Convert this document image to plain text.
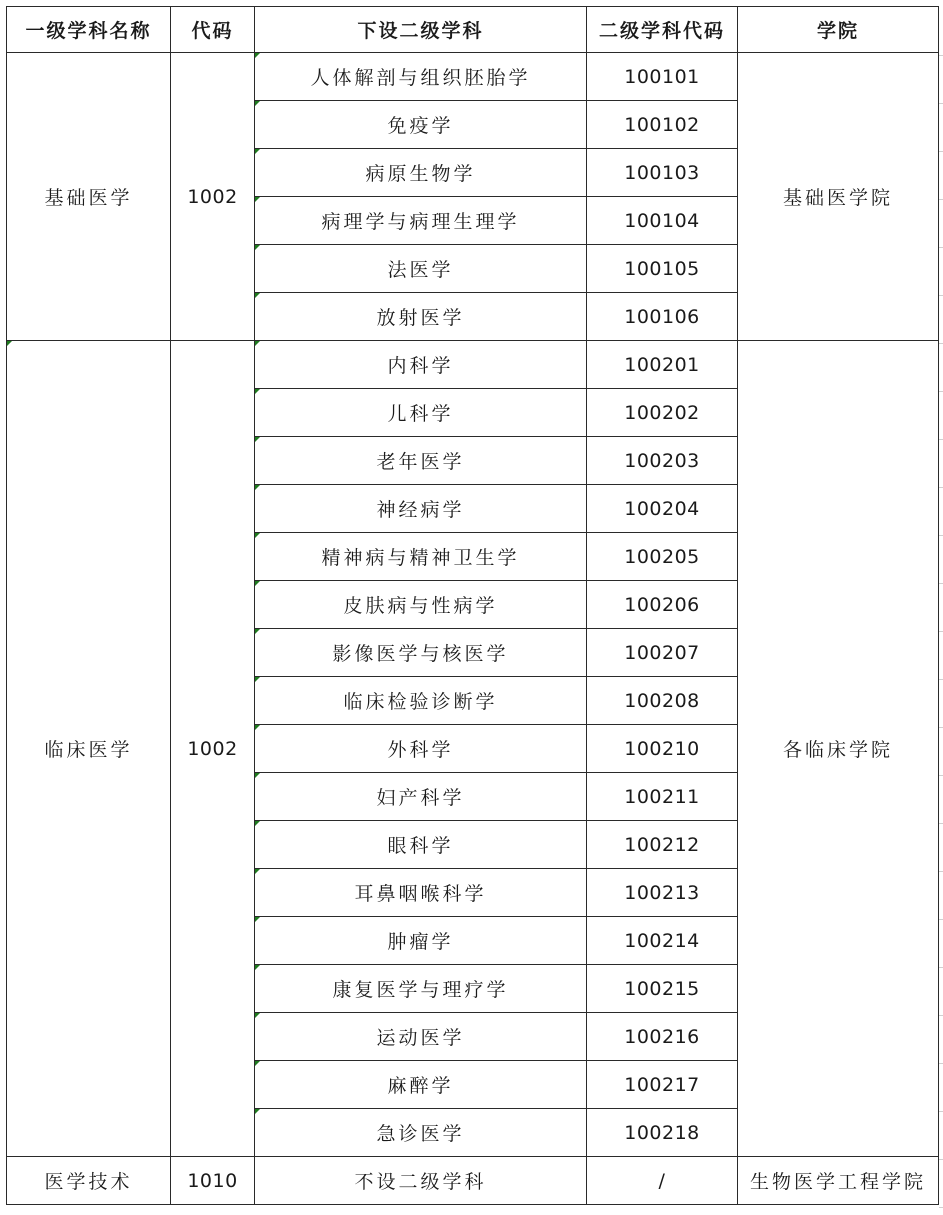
一级学科名称	代码	下设二级学科	二级学科代码	学院
基础医学	1002	人体解剖与组织胚胎学	100101	基础医学院
		免疫学	100102	
		病原生物学	100103	
		病理学与病理生理学	100104	
		法医学	100105	
		放射医学	100106	
临床医学	1002	内科学	100201	各临床学院
		儿科学	100202	
		老年医学	100203	
		神经病学	100204	
		精神病与精神卫生学	100205	
		皮肤病与性病学	100206	
		影像医学与核医学	100207	
		临床检验诊断学	100208	
		外科学	100210	
		妇产科学	100211	
		眼科学	100212	
		耳鼻咽喉科学	100213	
		肿瘤学	100214	
		康复医学与理疗学	100215	
		运动医学	100216	
		麻醉学	100217	
		急诊医学	100218	
医学技术	1010	不设二级学科	/	生物医学工程学院
